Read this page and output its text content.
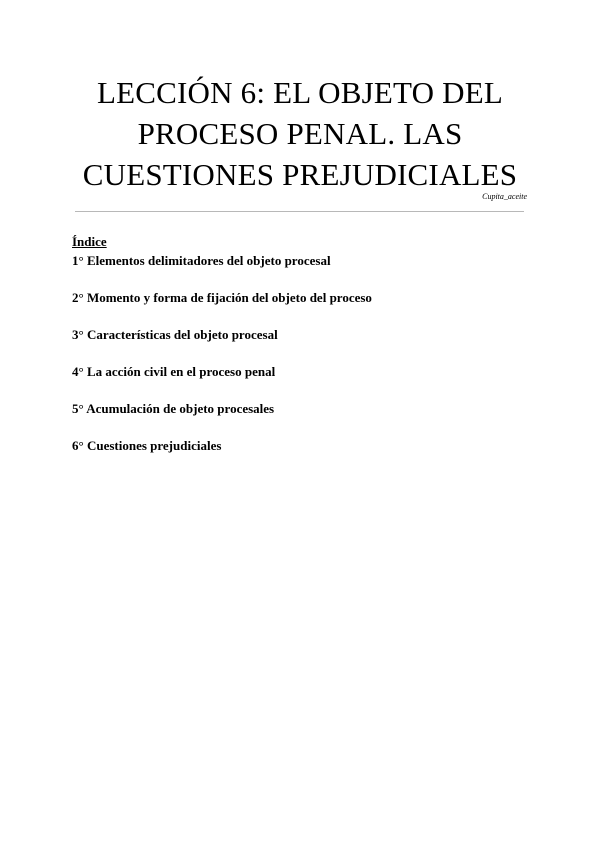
LECCIÓN 6: EL OBJETO DEL
PROCESO PENAL. LAS
CUESTIONES PREJUDICIALES
Cupita_aceite
Índice
1° Elementos delimitadores del objeto procesal
2° Momento y forma de fijación del objeto del proceso
3° Características del objeto procesal
4° La acción civil en el proceso penal
5° Acumulación de objeto procesales
6° Cuestiones prejudiciales
